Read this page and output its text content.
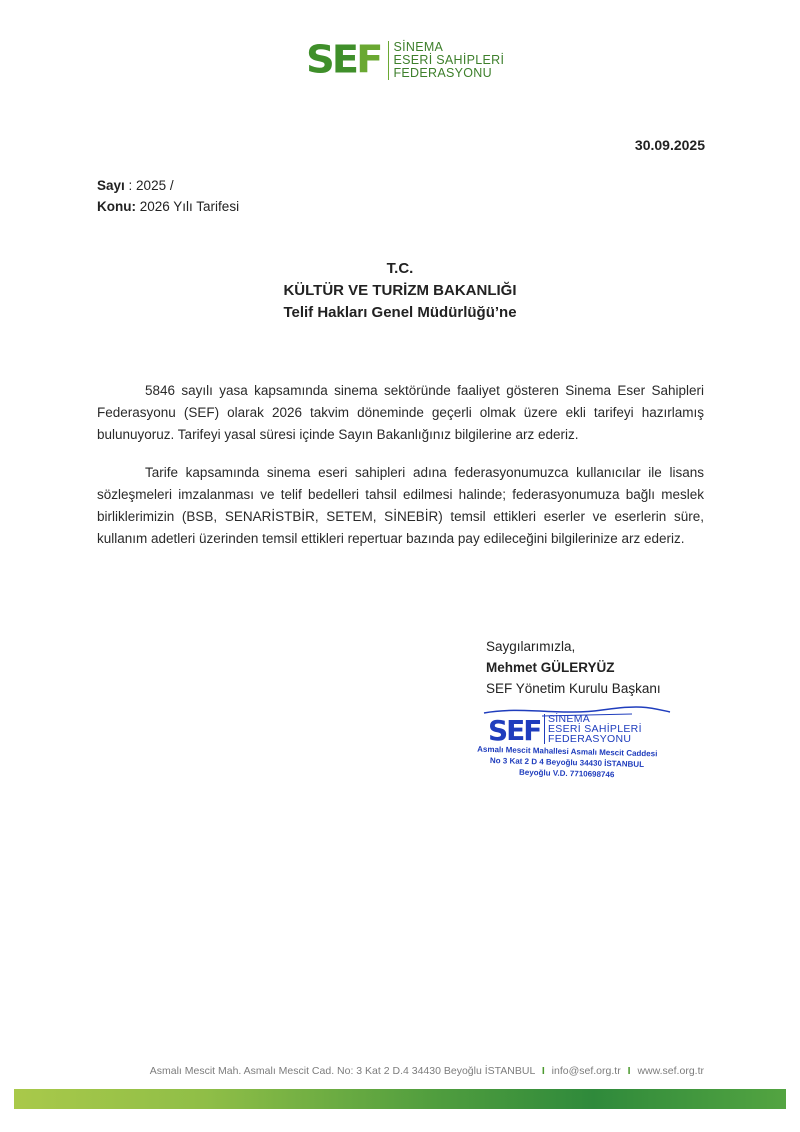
SEF SİNEMA
ESERİ SAHİPLERİ
FEDERASYONU
30.09.2025
Sayı : 2025 /
Konu: 2026 Yılı Tarifesi
T.C.
KÜLTÜR VE TURİZM BAKANLIĞI
Telif Hakları Genel Müdürlüğü’ne

5846 sayılı yasa kapsamında sinema sektöründe faaliyet gösteren Sinema Eser Sahipleri Federasyonu (SEF) olarak 2026 takvim döneminde geçerli olmak üzere ekli tarifeyi hazırlamış bulunuyoruz. Tarifeyi yasal süresi içinde Sayın Bakanlığınız bilgilerine arz ederiz.

Tarife kapsamında sinema eseri sahipleri adına federasyonumuzca kullanıcılar ile lisans sözleşmeleri imzalanması ve telif bedelleri tahsil edilmesi halinde; federasyonumuza bağlı meslek birliklerimizin (BSB, SENARİSTBİR, SETEM, SİNEBİR) temsil ettikleri eserler ve eserlerin süre, kullanım adetleri üzerinden temsil ettikleri repertuar bazında pay edileceğini bilgilerinize arz ederiz.

Saygılarımızla,
Mehmet GÜLERYÜZ
SEF Yönetim Kurulu Başkanı
SEF SİNEMA
ESERİ SAHİPLERİ
FEDERASYONU
Asmalı Mescit Mahallesi Asmalı Mescit Caddesi
No 3 Kat 2 D 4 Beyoğlu 34430 İSTANBUL
Beyoğlu V.D. 7710698746
Asmalı Mescit Mah. Asmalı Mescit Cad. No: 3 Kat 2 D.4 34430 Beyoğlu İSTANBUL I info@sef.org.tr I www.sef.org.tr
